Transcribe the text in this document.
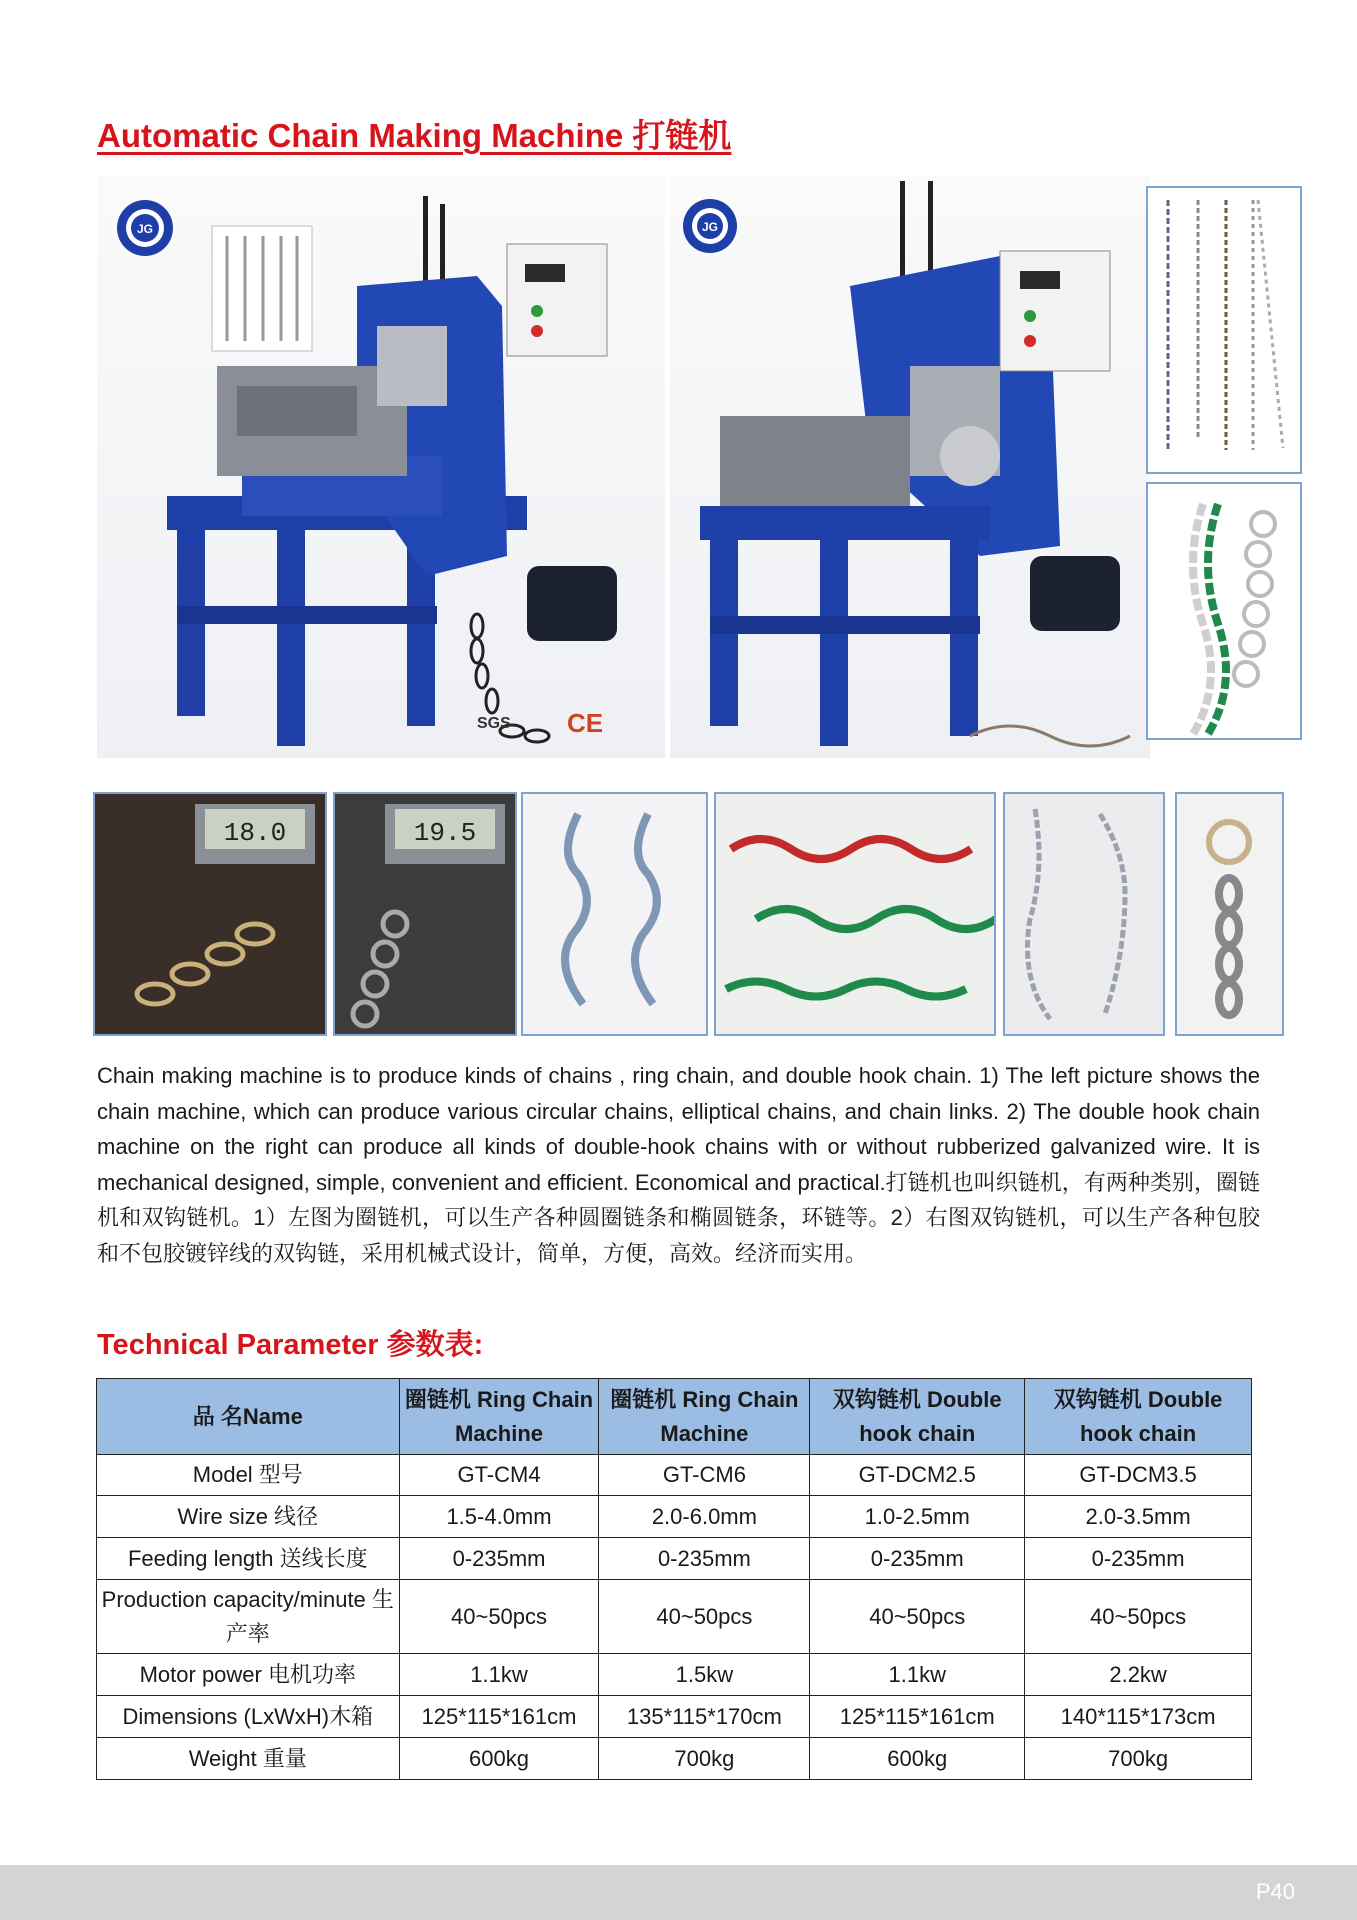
Automatic Chain Making Machine 打链机
JG
SGS CE
JG
18.0	19.5
Chain making machine is to produce kinds of chains , ring chain, and double hook chain. 1) The left picture shows the chain machine, which can produce various circular chains, elliptical chains, and chain links. 2) The double hook chain machine on the right can produce all kinds of double-hook chains with or without rubberized galvanized wire. It is mechanical designed, simple, convenient and efficient. Economical and practical.打链机也叫织链机，有两种类别，圈链机和双钩链机。1）左图为圈链机，可以生产各种圆圈链条和椭圆链条，环链等。2）右图双钩链机，可以生产各种包胶和不包胶镀锌线的双钩链，采用机械式设计，简单，方便，高效。经济而实用。
Technical Parameter 参数表:
品 名Name	圈链机 Ring Chain Machine	圈链机 Ring Chain Machine	双钩链机 Double hook chain	双钩链机 Double hook chain
Model 型号	GT-CM4	GT-CM6	GT-DCM2.5	GT-DCM3.5
Wire size 线径	1.5-4.0mm	2.0-6.0mm	1.0-2.5mm	2.0-3.5mm
Feeding length 送线长度	0-235mm	0-235mm	0-235mm	0-235mm
Production capacity/minute 生产率	40~50pcs	40~50pcs	40~50pcs	40~50pcs
Motor power 电机功率	1.1kw	1.5kw	1.1kw	2.2kw
Dimensions (LxWxH)木箱	125*115*161cm	135*115*170cm	125*115*161cm	140*115*173cm
Weight 重量	600kg	700kg	600kg	700kg
P40
